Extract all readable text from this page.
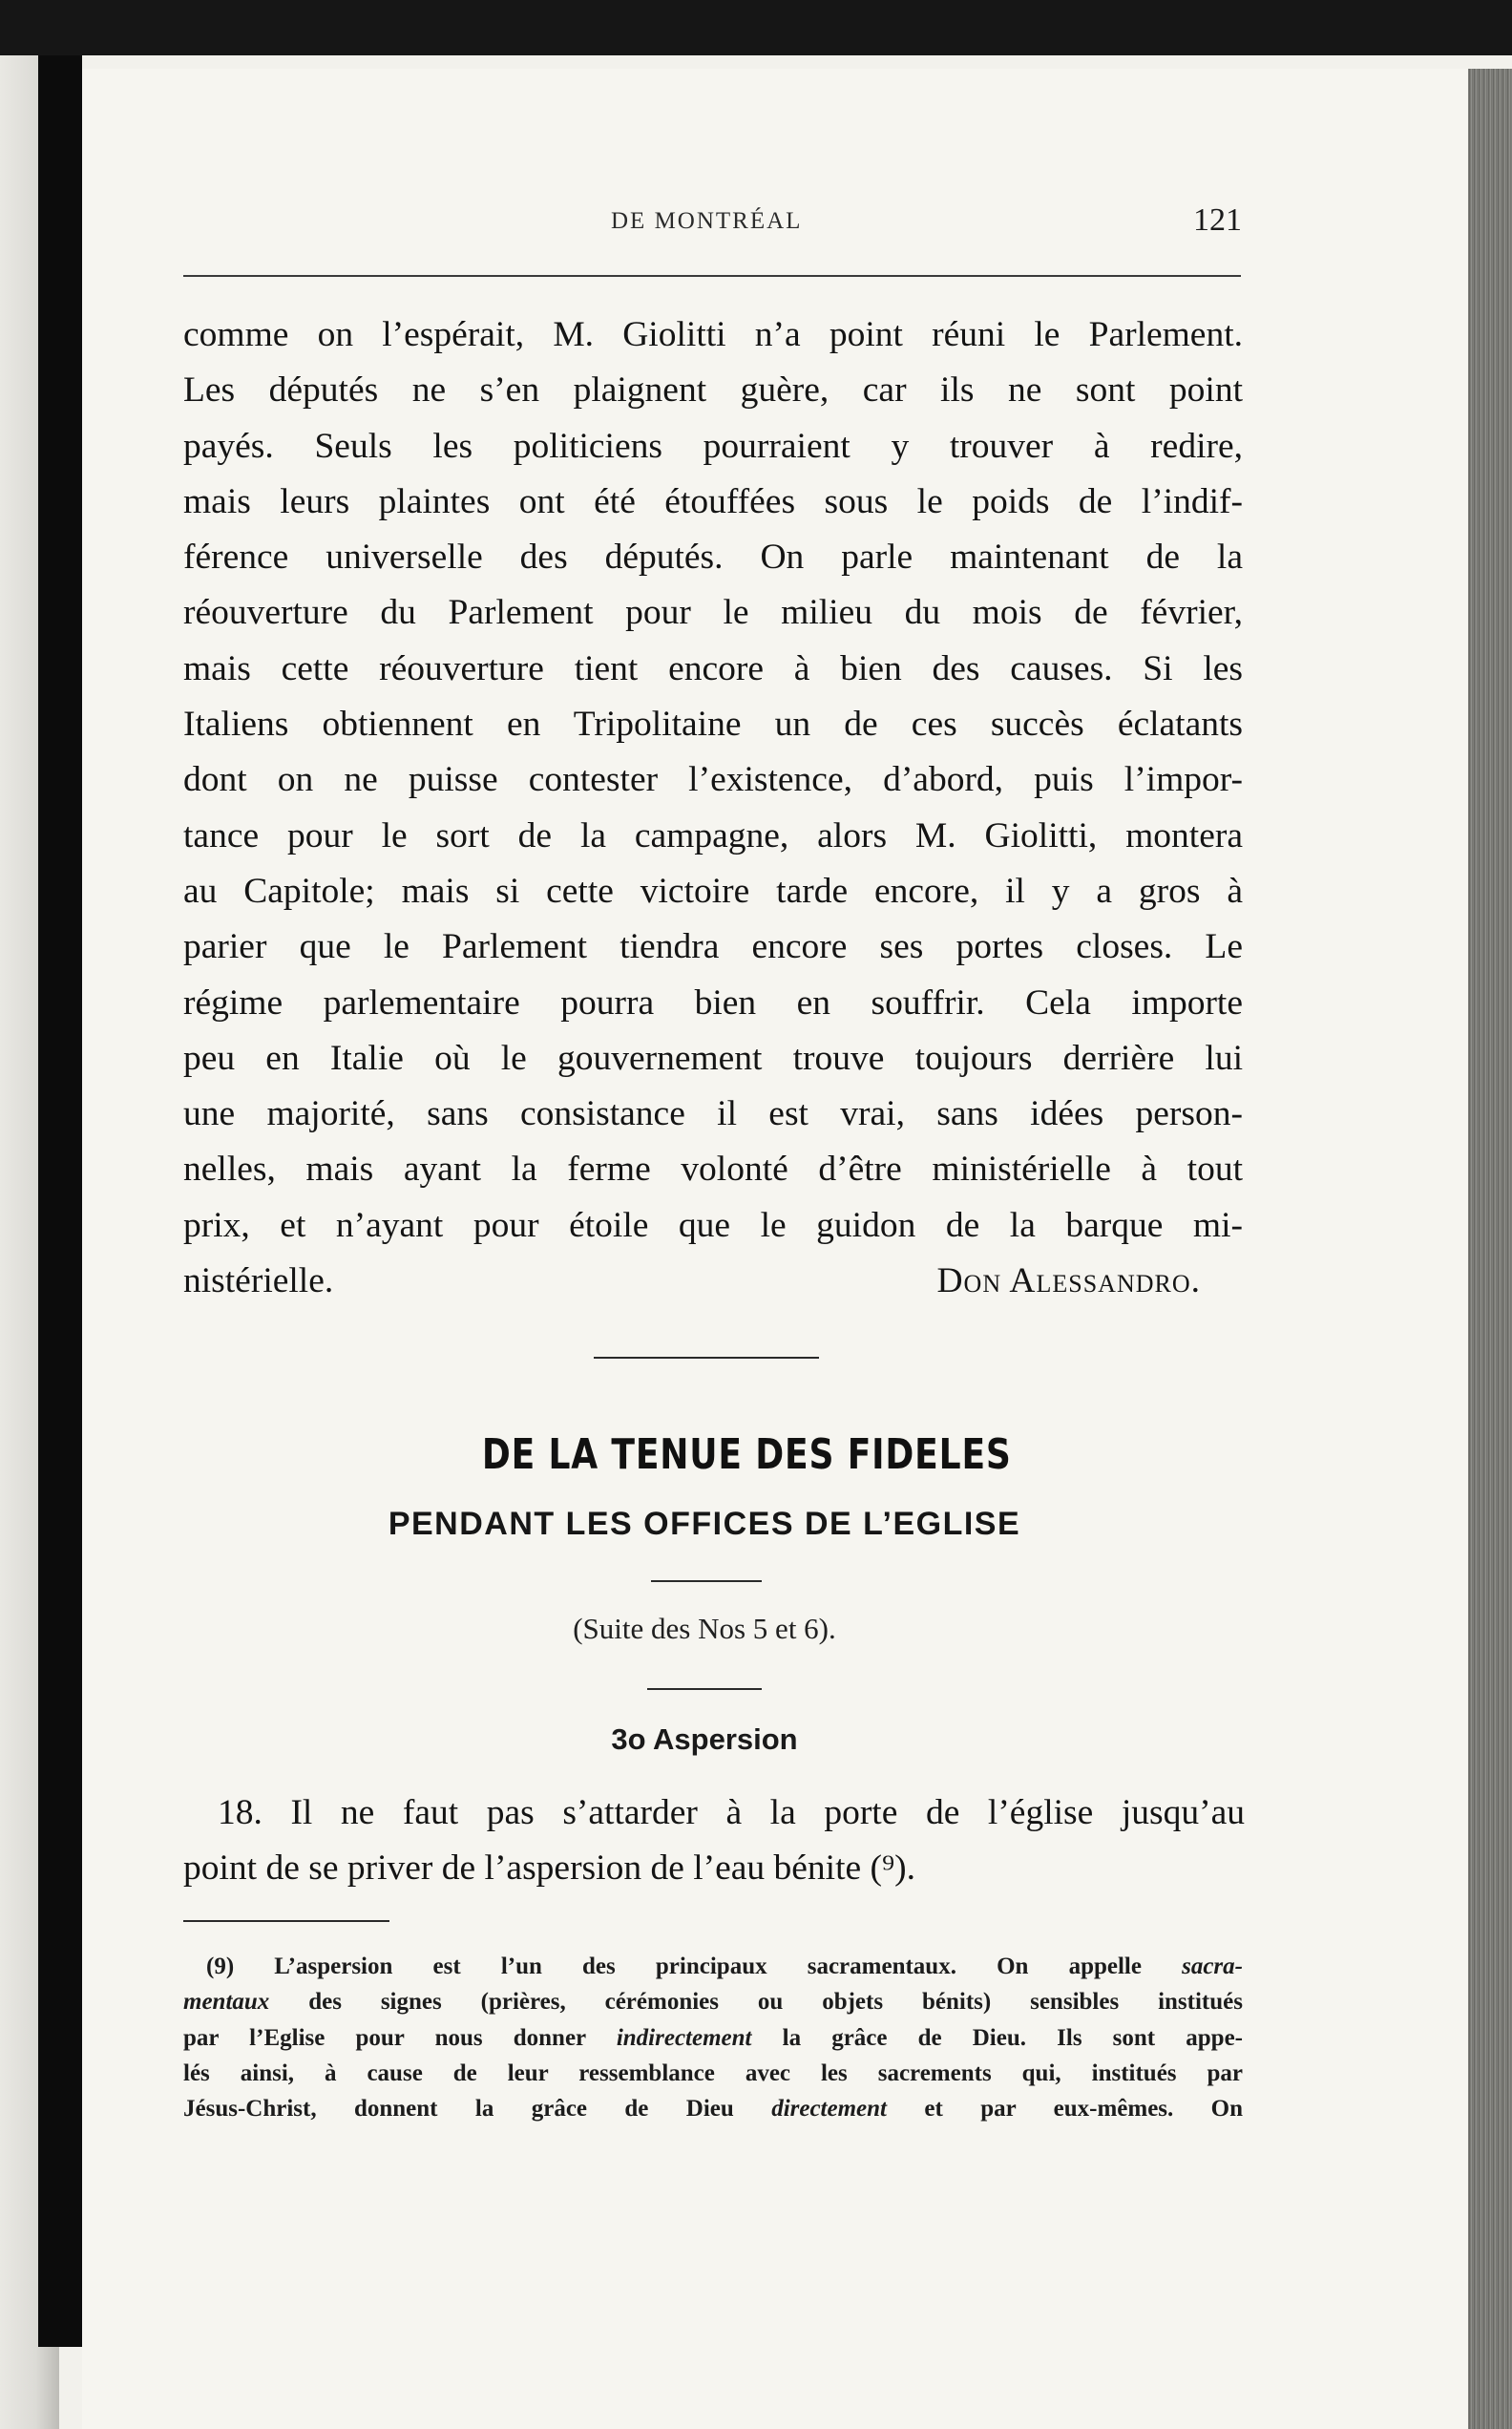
DE MONTRÉAL	121
comme on l’espérait, M. Giolitti n’a point réuni le Parlement.
Les députés ne s’en plaignent guère, car ils ne sont point
payés. Seuls les politiciens pourraient y trouver à redire,
mais leurs plaintes ont été étouffées sous le poids de l’indif-
férence universelle des députés. On parle maintenant de la
réouverture du Parlement pour le milieu du mois de février,
mais cette réouverture tient encore à bien des causes. Si les
Italiens obtiennent en Tripolitaine un de ces succès éclatants
dont on ne puisse contester l’existence, d’abord, puis l’impor-
tance pour le sort de la campagne, alors M. Giolitti, montera
au Capitole; mais si cette victoire tarde encore, il y a gros à
parier que le Parlement tiendra encore ses portes closes. Le
régime parlementaire pourra bien en souffrir. Cela importe
peu en Italie où le gouvernement trouve toujours derrière lui
une majorité, sans consistance il est vrai, sans idées person-
nelles, mais ayant la ferme volonté d’être ministérielle à tout
prix, et n’ayant pour étoile que le guidon de la barque mi-
nistérielle.	Don Alessandro.
DE LA TENUE DES FIDELES
PENDANT LES OFFICES DE L’EGLISE
(Suite des Nos 5 et 6).
3o Aspersion
18. Il ne faut pas s’attarder à la porte de l’église jusqu’au
point de se priver de l’aspersion de l’eau bénite (⁹).
(9) L’aspersion est l’un des principaux sacramentaux. On appelle sacra-
mentaux des signes (prières, cérémonies ou objets bénits) sensibles institués
par l’Eglise pour nous donner indirectement la grâce de Dieu. Ils sont appe-
lés ainsi, à cause de leur ressemblance avec les sacrements qui, institués par
Jésus-Christ, donnent la grâce de Dieu directement et par eux-mêmes. On
